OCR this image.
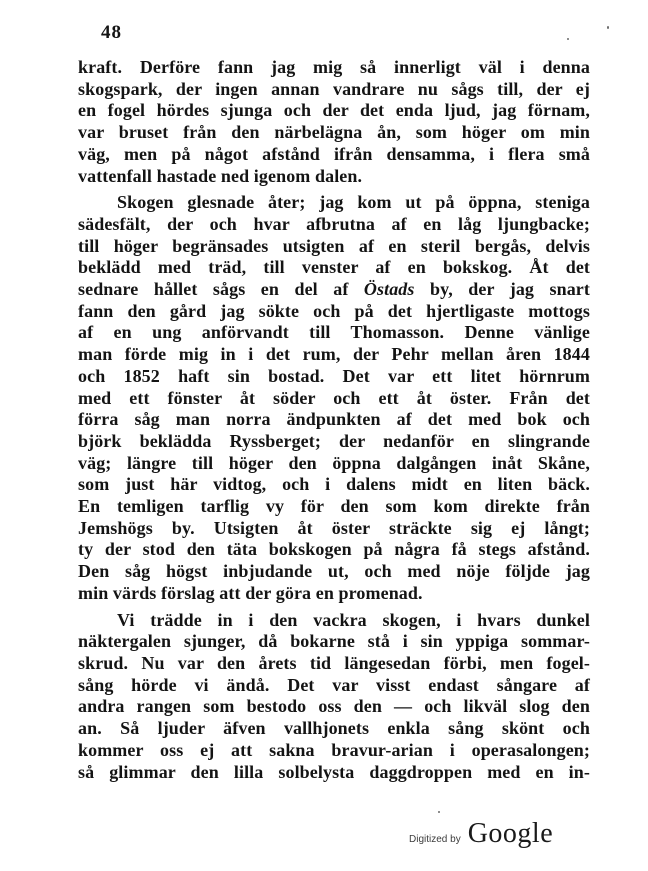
48
kraft. Derföre fann jag mig så innerligt väl i denna
skogspark, der ingen annan vandrare nu sågs till, der ej
en fogel hördes sjunga och der det enda ljud, jag förnam,
var bruset från den närbelägna ån, som höger om min
väg, men på något afstånd ifrån densamma, i flera små
vattenfall hastade ned igenom dalen.
Skogen glesnade åter; jag kom ut på öppna, steniga
sädesfält, der och hvar afbrutna af en låg ljungbacke;
till höger begränsades utsigten af en steril bergås, delvis
beklädd med träd, till venster af en bokskog. Åt det
sednare hållet sågs en del af Östads by, der jag snart
fann den gård jag sökte och på det hjertligaste mottogs
af en ung anförvandt till Thomasson. Denne vänlige
man förde mig in i det rum, der Pehr mellan åren 1844
och 1852 haft sin bostad. Det var ett litet hörnrum
med ett fönster åt söder och ett åt öster. Från det
förra såg man norra ändpunkten af det med bok och
björk beklädda Ryssberget; der nedanför en slingrande
väg; längre till höger den öppna dalgången inåt Skåne,
som just här vidtog, och i dalens midt en liten bäck.
En temligen tarflig vy för den som kom direkte från
Jemshögs by. Utsigten åt öster sträckte sig ej långt;
ty der stod den täta bokskogen på några få stegs afstånd.
Den såg högst inbjudande ut, och med nöje följde jag
min värds förslag att der göra en promenad.
Vi trädde in i den vackra skogen, i hvars dunkel
näktergalen sjunger, då bokarne stå i sin yppiga sommar-
skrud. Nu var den årets tid längesedan förbi, men fogel-
sång hörde vi ändå. Det var visst endast sångare af
andra rangen som bestodo oss den — och likväl slog den
an. Så ljuder äfven vallhjonets enkla sång skönt och
kommer oss ej att sakna bravur-arian i operasalongen;
så glimmar den lilla solbelysta daggdroppen med en in-
Digitized by Google
